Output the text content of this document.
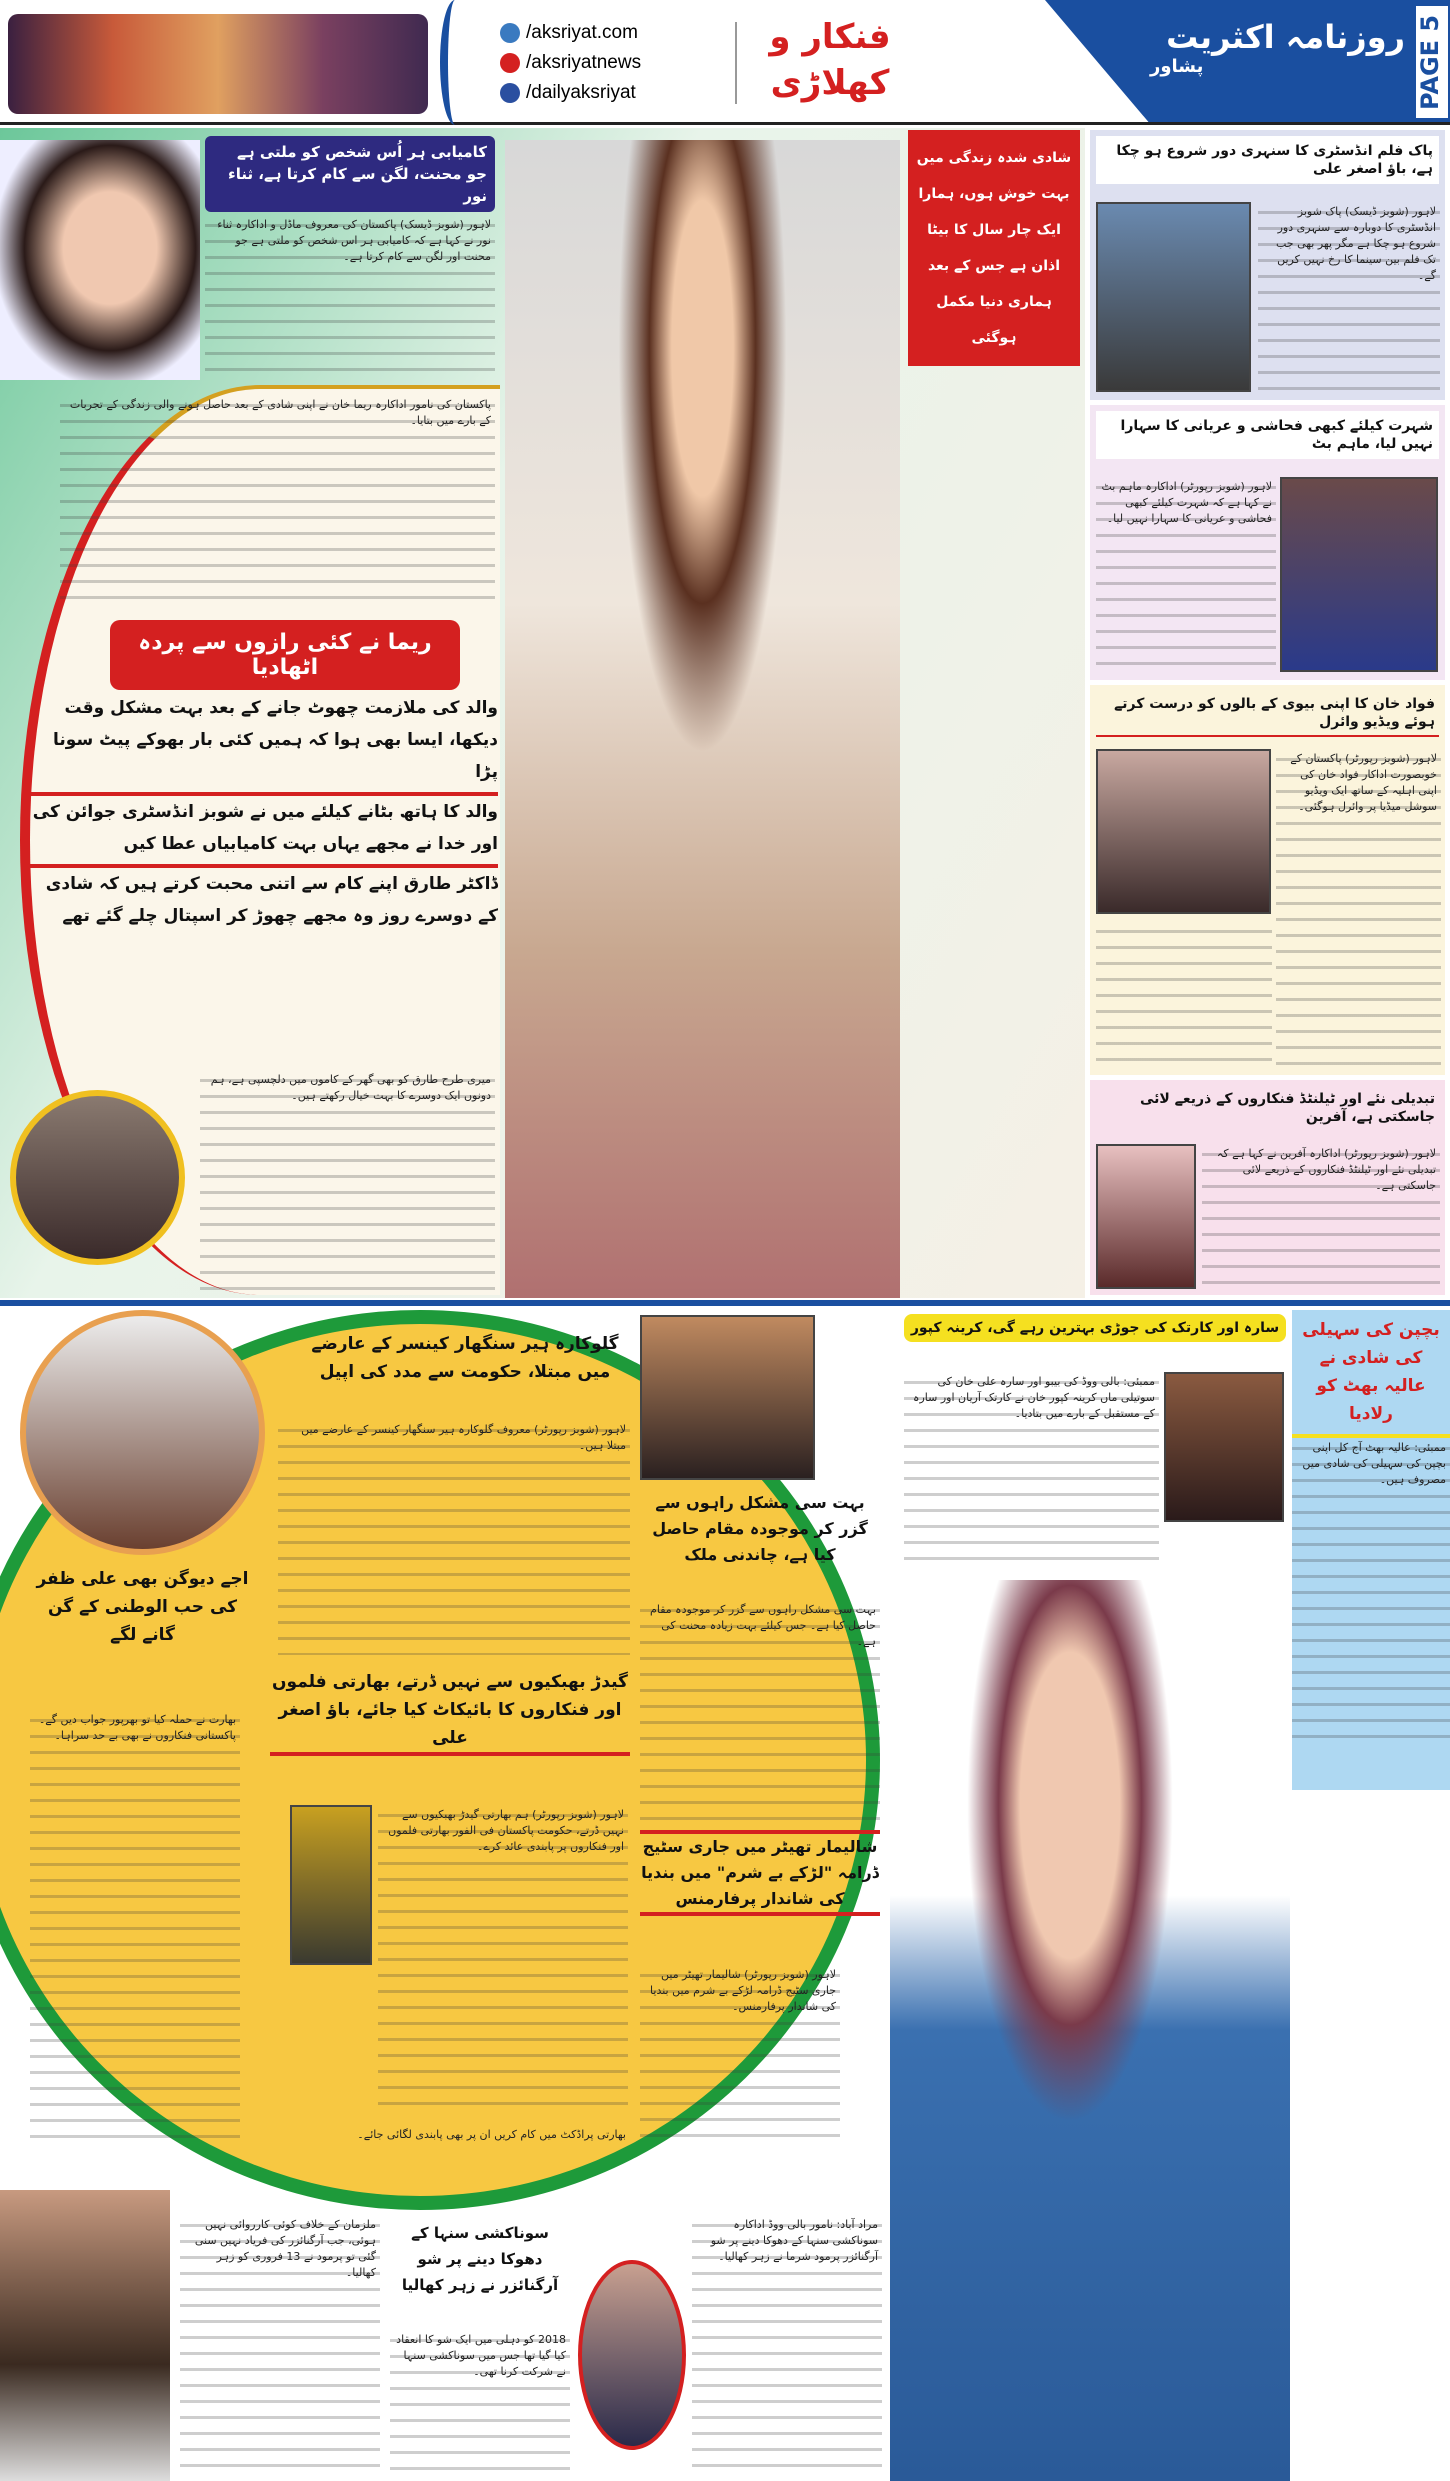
/aksriyat.com
/aksriyatnews
/dailyaksriyat
فنکار و
کھلاڑی
روزنامہ اکثریت
پشاور	PAGE 5
کامیابی ہر اُس شخص کو ملتی ہے جو محنت، لگن سے کام کرتا ہے، ثناء نور
لاہور (شوبز ڈیسک) پاکستان کی معروف ماڈل و اداکارہ ثناء نور نے کہا ہے کہ کامیابی ہر اس شخص کو ملتی ہے جو محنت اور لگن سے کام کرتا ہے۔
پاکستان کی نامور اداکارہ ریما خان نے اپنی شادی کے بعد حاصل ہونے والی زندگی کے تجربات کے بارے میں بتایا۔
ریما نے کئی رازوں سے پردہ اٹھادیا
والد کی ملازمت چھوٹ جانے کے بعد بہت مشکل وقت دیکھا، ایسا بھی ہوا کہ ہمیں کئی بار بھوکے پیٹ سونا پڑا
والد کا ہاتھ بٹانے کیلئے میں نے شوبز انڈسٹری جوائن کی اور خدا نے مجھے یہاں بہت کامیابیاں عطا کیں
ڈاکٹر طارق اپنے کام سے اتنی محبت کرتے ہیں کہ شادی کے دوسرے روز وہ مجھے چھوڑ کر اسپتال چلے گئے تھے
میری طرح طارق کو بھی گھر کے کاموں میں دلچسپی ہے، ہم دونوں ایک دوسرے کا بہت خیال رکھتے ہیں۔
شادی شدہ زندگی میں
بہت خوش ہوں، ہمارا
ایک چار سال کا بیٹا
اذان ہے جس کے بعد
ہماری دنیا مکمل ہوگئی
پاک فلم انڈسٹری کا سنہری دور شروع ہو چکا ہے، باؤ اصغر علی
لاہور (شوبز ڈیسک) پاک شوبز انڈسٹری کا دوبارہ سے سنہری دور شروع ہو چکا ہے مگر پھر بھی جب تک فلم بین سینما کا رخ نہیں کریں گے۔
شہرت کیلئے کبھی فحاشی و عریانی کا سہارا نہیں لیا، ماہم بٹ
لاہور (شوبز رپورٹر) اداکارہ ماہم بٹ نے کہا ہے کہ شہرت کیلئے کبھی فحاشی و عریانی کا سہارا نہیں لیا۔
فواد خان کا اپنی بیوی کے بالوں کو درست کرتے ہوئے ویڈیو وائرل
لاہور (شوبز رپورٹر) پاکستان کے خوبصورت اداکار فواد خان کی اپنی اہلیہ کے ساتھ ایک ویڈیو سوشل میڈیا پر وائرل ہوگئی۔
تبدیلی نئے اور ٹیلنٹڈ فنکاروں کے ذریعے لائی جاسکتی ہے، آفرین
لاہور (شوبز رپورٹر) اداکارہ آفرین نے کہا ہے کہ تبدیلی نئے اور ٹیلنٹڈ فنکاروں کے ذریعے لائی جاسکتی ہے۔
گلوکارہ ہیر سنگھار کینسر کے عارضے میں مبتلا، حکومت سے مدد کی اپیل
لاہور (شوبز رپورٹر) معروف گلوکارہ ہیر سنگھار کینسر کے عارضے میں مبتلا ہیں۔
اجے دیوگن بھی علی ظفر کی حب الوطنی کے گن گانے لگے
بھارت نے حملہ کیا تو بھرپور جواب دیں گے۔ پاکستانی فنکاروں نے بھی بے حد سراہا۔
گیدڑ بھبکیوں سے نہیں ڈرتے، بھارتی فلموں اور فنکاروں کا بائیکاٹ کیا جائے، باؤ اصغر علی
لاہور (شوبز رپورٹر) ہم بھارتی گیدڑ بھبکیوں سے نہیں ڈرتے، حکومت پاکستان فی الفور بھارتی فلموں اور فنکاروں پر پابندی عائد کرے۔
بھارتی پراڈکٹ میں کام کریں ان پر بھی پابندی لگائی جائے۔
بہت سی مشکل راہوں سے گزر کر موجودہ مقام حاصل کیا ہے، چاندنی ملک
بہت سی مشکل راہوں سے گزر کر موجودہ مقام حاصل کیا ہے۔ جس کیلئے بہت زیادہ محنت کی ہے۔
شالیمار تھیٹر میں جاری سٹیج ڈرامہ "لڑکے بے شرم" میں بندیا کی شاندار پرفارمنس
لاہور (شوبز رپورٹر) شالیمار تھیٹر میں جاری سٹیج ڈرامہ لڑکے بے شرم میں بندیا کی شاندار پرفارمنس۔
سارہ اور کارتک کی جوڑی بہترین رہے گی، کرینہ کپور
ممبئی: بالی ووڈ کی بیبو اور سارہ علی خان کی سوتیلی ماں کرینہ کپور خان نے کارتک آریان اور سارہ کے مستقبل کے بارے میں بتادیا۔
بچپن کی سہیلی کی شادی نے عالیہ بھٹ کو رلادیا
ممبئی: عالیہ بھٹ آج کل اپنی بچپن کی سہیلی کی شادی میں مصروف ہیں۔
ملزمان کے خلاف کوئی کارروائی نہیں ہوئی، جب آرگنائزر کی فریاد نہیں سنی گئی تو پرمود نے 13 فروری کو زہر کھالیا۔
سوناکشی سنہا کے دھوکا دینے پر شو آرگنائزر نے زہر کھالیا
2018 کو دہلی میں ایک شو کا انعقاد کیا گیا تھا جس میں سوناکشی سنہا نے شرکت کرنا تھی۔
مراد آباد: نامور بالی ووڈ اداکارہ سوناکشی سنہا کے دھوکا دینے پر شو آرگنائزر پرمود شرما نے زہر کھالیا۔
